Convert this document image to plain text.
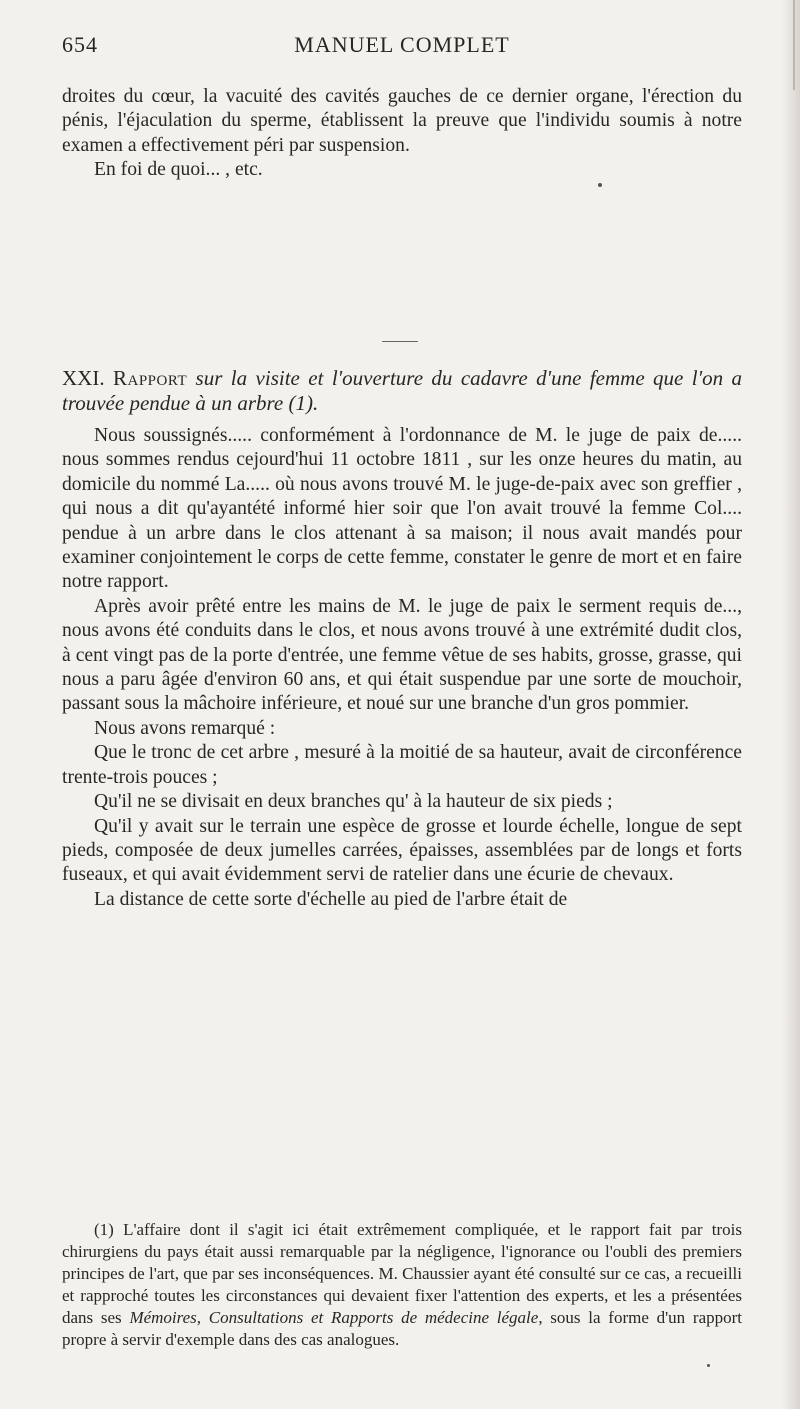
654	MANUEL COMPLET

droites du cœur, la vacuité des cavités gauches de ce dernier organe, l'érection du pénis, l'éjaculation du sperme, établissent la preuve que l'individu soumis à notre examen a effectivement péri par suspension.

En foi de quoi... , etc.

XXI. Rapport sur la visite et l'ouverture du cadavre d'une femme que l'on a trouvée pendue à un arbre (1).

Nous soussignés..... conformément à l'ordonnance de M. le juge de paix de..... nous sommes rendus cejourd'hui 11 octobre 1811 , sur les onze heures du matin, au domicile du nommé La..... où nous avons trouvé M. le juge-de-paix avec son greffier , qui nous a dit qu'ayantété informé hier soir que l'on avait trouvé la femme Col.... pendue à un arbre dans le clos attenant à sa maison; il nous avait mandés pour examiner conjointement le corps de cette femme, constater le genre de mort et en faire notre rapport.

Après avoir prêté entre les mains de M. le juge de paix le serment requis de..., nous avons été conduits dans le clos, et nous avons trouvé à une extrémité dudit clos, à cent vingt pas de la porte d'entrée, une femme vêtue de ses habits, grosse, grasse, qui nous a paru âgée d'environ 60 ans, et qui était suspendue par une sorte de mouchoir, passant sous la mâchoire inférieure, et noué sur une branche d'un gros pommier.

Nous avons remarqué :

Que le tronc de cet arbre , mesuré à la moitié de sa hauteur, avait de circonférence trente-trois pouces ;

Qu'il ne se divisait en deux branches qu' à la hauteur de six pieds ;

Qu'il y avait sur le terrain une espèce de grosse et lourde échelle, longue de sept pieds, composée de deux jumelles carrées, épaisses, assemblées par de longs et forts fuseaux, et qui avait évidemment servi de ratelier dans une écurie de chevaux.

La distance de cette sorte d'échelle au pied de l'arbre était de

(1) L'affaire dont il s'agit ici était extrêmement compliquée, et le rapport fait par trois chirurgiens du pays était aussi remarquable par la négligence, l'ignorance ou l'oubli des premiers principes de l'art, que par ses inconséquences. M. Chaussier ayant été consulté sur ce cas, a recueilli et rapproché toutes les circonstances qui devaient fixer l'attention des experts, et les a présentées dans ses Mémoires, Consultations et Rapports de médecine légale, sous la forme d'un rapport propre à servir d'exemple dans des cas analogues.
